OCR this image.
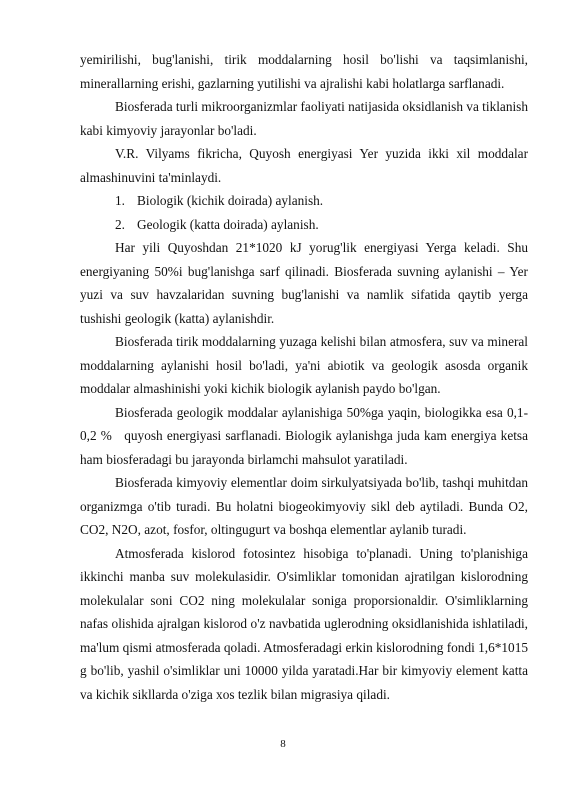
yemirilishi, bug'lanishi, tirik moddalarning hosil bo'lishi va taqsimlanishi, minerallarning erishi, gazlarning yutilishi va ajralishi kabi holatlarga sarflanadi.

Biosferada turli mikroorganizmlar faoliyati natijasida oksidlanish va tiklanish kabi kimyoviy jarayonlar bo'ladi.

V.R. Vilyams fikricha, Quyosh energiyasi Yer yuzida ikki xil moddalar almashinuvini ta'minlaydi.

1. Biologik (kichik doirada) aylanish.
2. Geologik (katta doirada) aylanish.

Har yili Quyoshdan 21*1020 kJ yorug'lik energiyasi Yerga keladi. Shu energiyaning 50%i bug'lanishga sarf qilinadi. Biosferada suvning aylanishi – Yer yuzi va suv havzalaridan suvning bug'lanishi va namlik sifatida qaytib yerga tushishi geologik (katta) aylanishdir.

Biosferada tirik moddalarning yuzaga kelishi bilan atmosfera, suv va mineral moddalarning aylanishi hosil bo'ladi, ya'ni abiotik va geologik asosda organik moddalar almashinishi yoki kichik biologik aylanish paydo bo'lgan.

Biosferada geologik moddalar aylanishiga 50%ga yaqin, biologikka esa 0,1-0,2 %   quyosh energiyasi sarflanadi. Biologik aylanishga juda kam energiya ketsa ham biosferadagi bu jarayonda birlamchi mahsulot yaratiladi.

Biosferada kimyoviy elementlar doim sirkulyatsiyada bo'lib, tashqi muhitdan organizmga o'tib turadi. Bu holatni biogeokimyoviy sikl deb aytiladi. Bunda O2, CO2, N2O, azot, fosfor, oltingugurt va boshqa elementlar aylanib turadi.

Atmosferada kislorod fotosintez hisobiga to'planadi. Uning to'planishiga ikkinchi manba suv molekulasidir. O'simliklar tomonidan ajratilgan kislorodning molekulalar soni CO2 ning molekulalar soniga proporsionaldir. O'simliklarning nafas olishida ajralgan kislorod o'z navbatida uglerodning oksidlanishida ishlatiladi, ma'lum qismi atmosferada qoladi. Atmosferadagi erkin kislorodning fondi 1,6*1015 g bo'lib, yashil o'simliklar uni 10000 yilda yaratadi.Har bir kimyoviy element katta va kichik sikllarda o'ziga xos tezlik bilan migrasiya qiladi.

8
